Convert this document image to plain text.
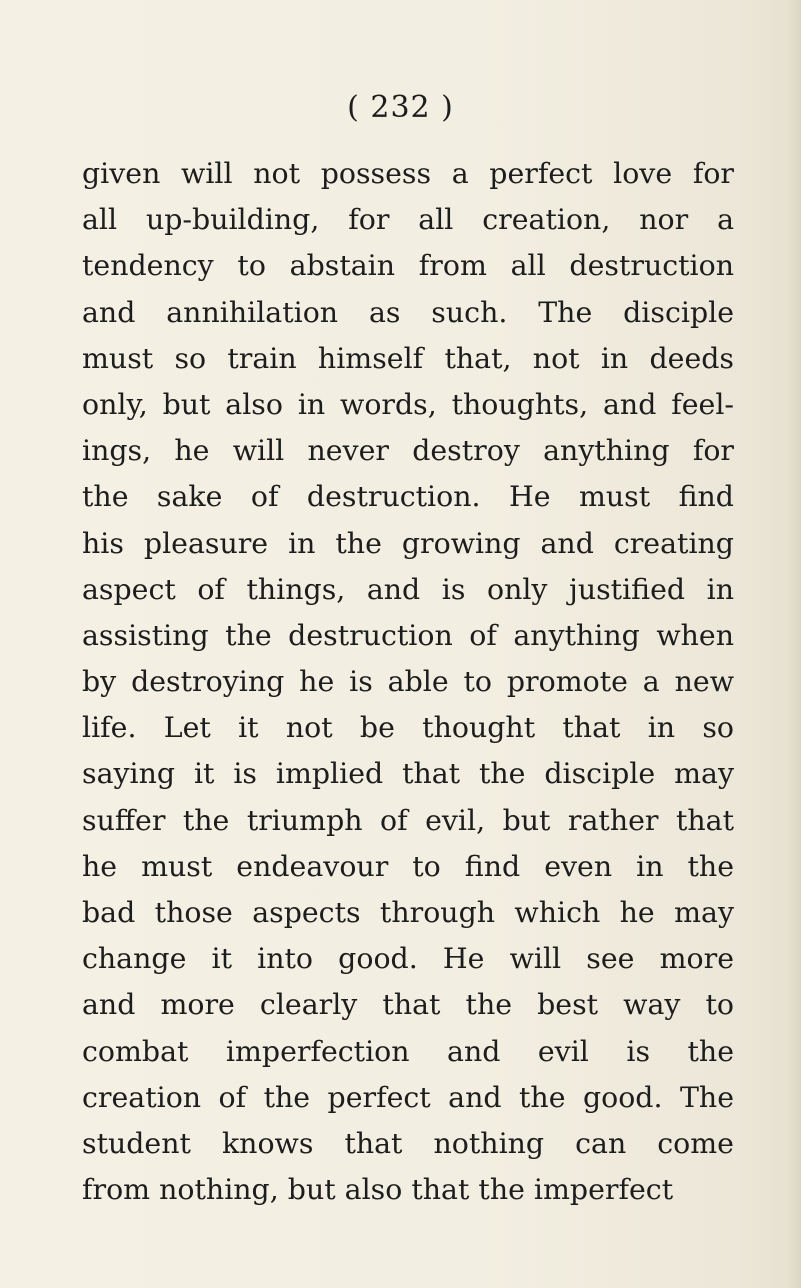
( 232 )
given will not possess a perfect love for
all up-building, for all creation, nor a
tendency to abstain from all destruction
and annihilation as such. The disciple
must so train himself that, not in deeds
only, but also in words, thoughts, and feel-
ings, he will never destroy anything for
the sake of destruction. He must find
his pleasure in the growing and creating
aspect of things, and is only justified in
assisting the destruction of anything when
by destroying he is able to promote a new
life. Let it not be thought that in so
saying it is implied that the disciple may
suffer the triumph of evil, but rather that
he must endeavour to find even in the
bad those aspects through which he may
change it into good. He will see more
and more clearly that the best way to
combat imperfection and evil is the
creation of the perfect and the good. The
student knows that nothing can come
from nothing, but also that the imperfect
